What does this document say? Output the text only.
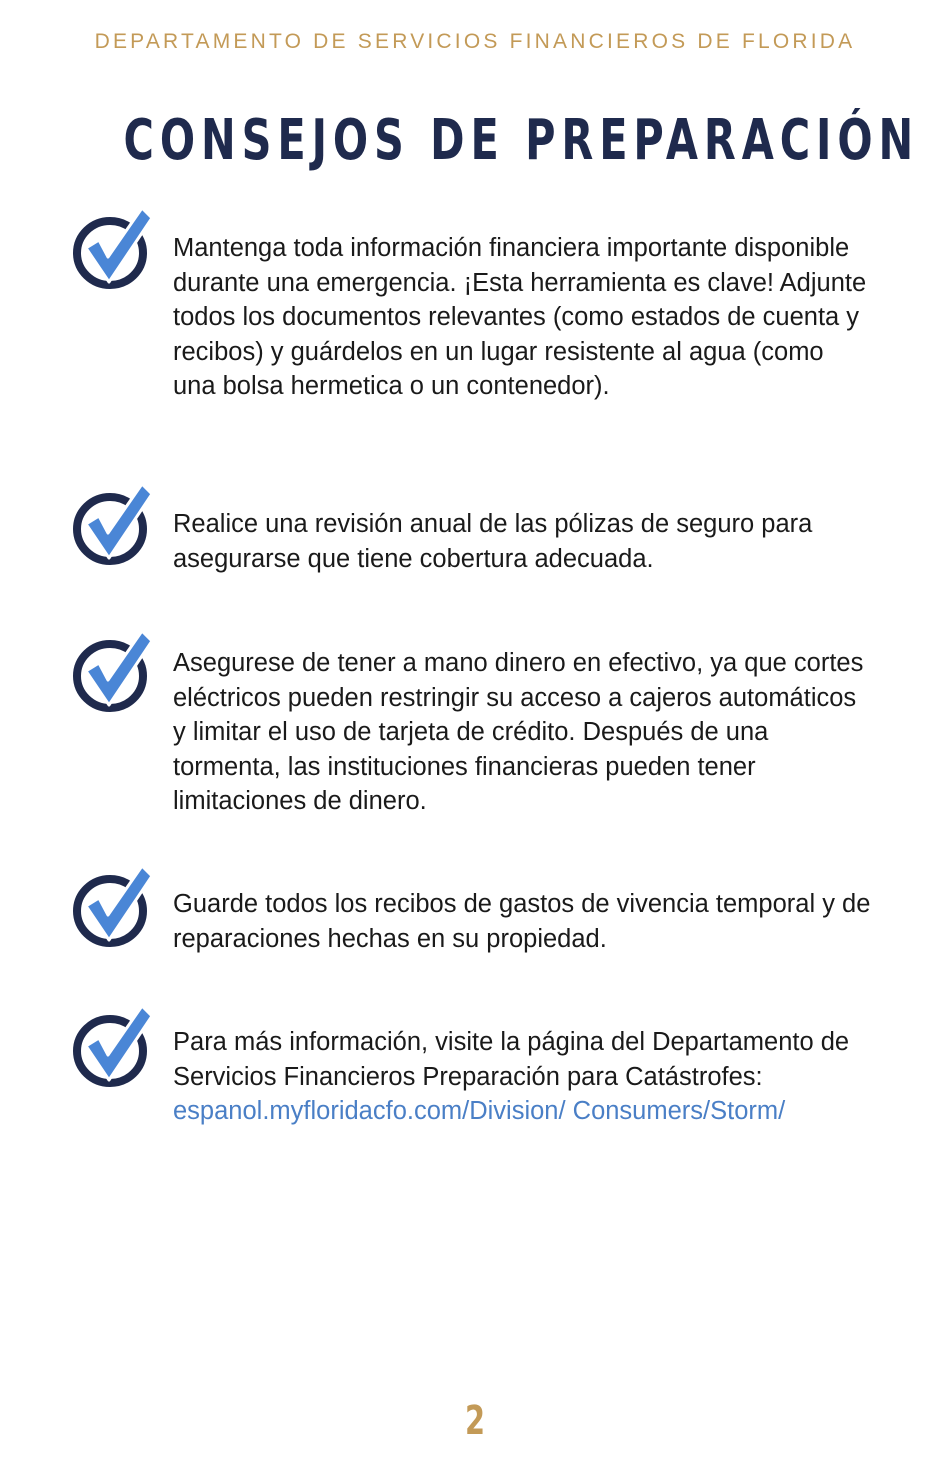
DEPARTAMENTO DE SERVICIOS FINANCIEROS DE FLORIDA
CONSEJOS DE PREPARACIÓN
Mantenga toda información financiera importante disponible durante una emergencia. ¡Esta herramienta es clave! Adjunte todos los documentos relevantes (como estados de cuenta y recibos) y guárdelos en un lugar resistente al agua (como una bolsa hermetica o un contenedor).
Realice una revisión anual de las pólizas de seguro para asegurarse que tiene cobertura adecuada.
Asegurese de tener a mano dinero en efectivo, ya que cortes eléctricos pueden restringir su acceso a cajeros automáticos y limitar el uso de tarjeta de crédito. Después de una tormenta, las instituciones financieras pueden tener limitaciones de dinero.
Guarde todos los recibos de gastos de vivencia temporal y de reparaciones hechas en su propiedad.
Para más información, visite la página del Departamento de Servicios Financieros Preparación para Catástrofes: espanol.myfloridacfo.com/Division/ Consumers/Storm/
2
